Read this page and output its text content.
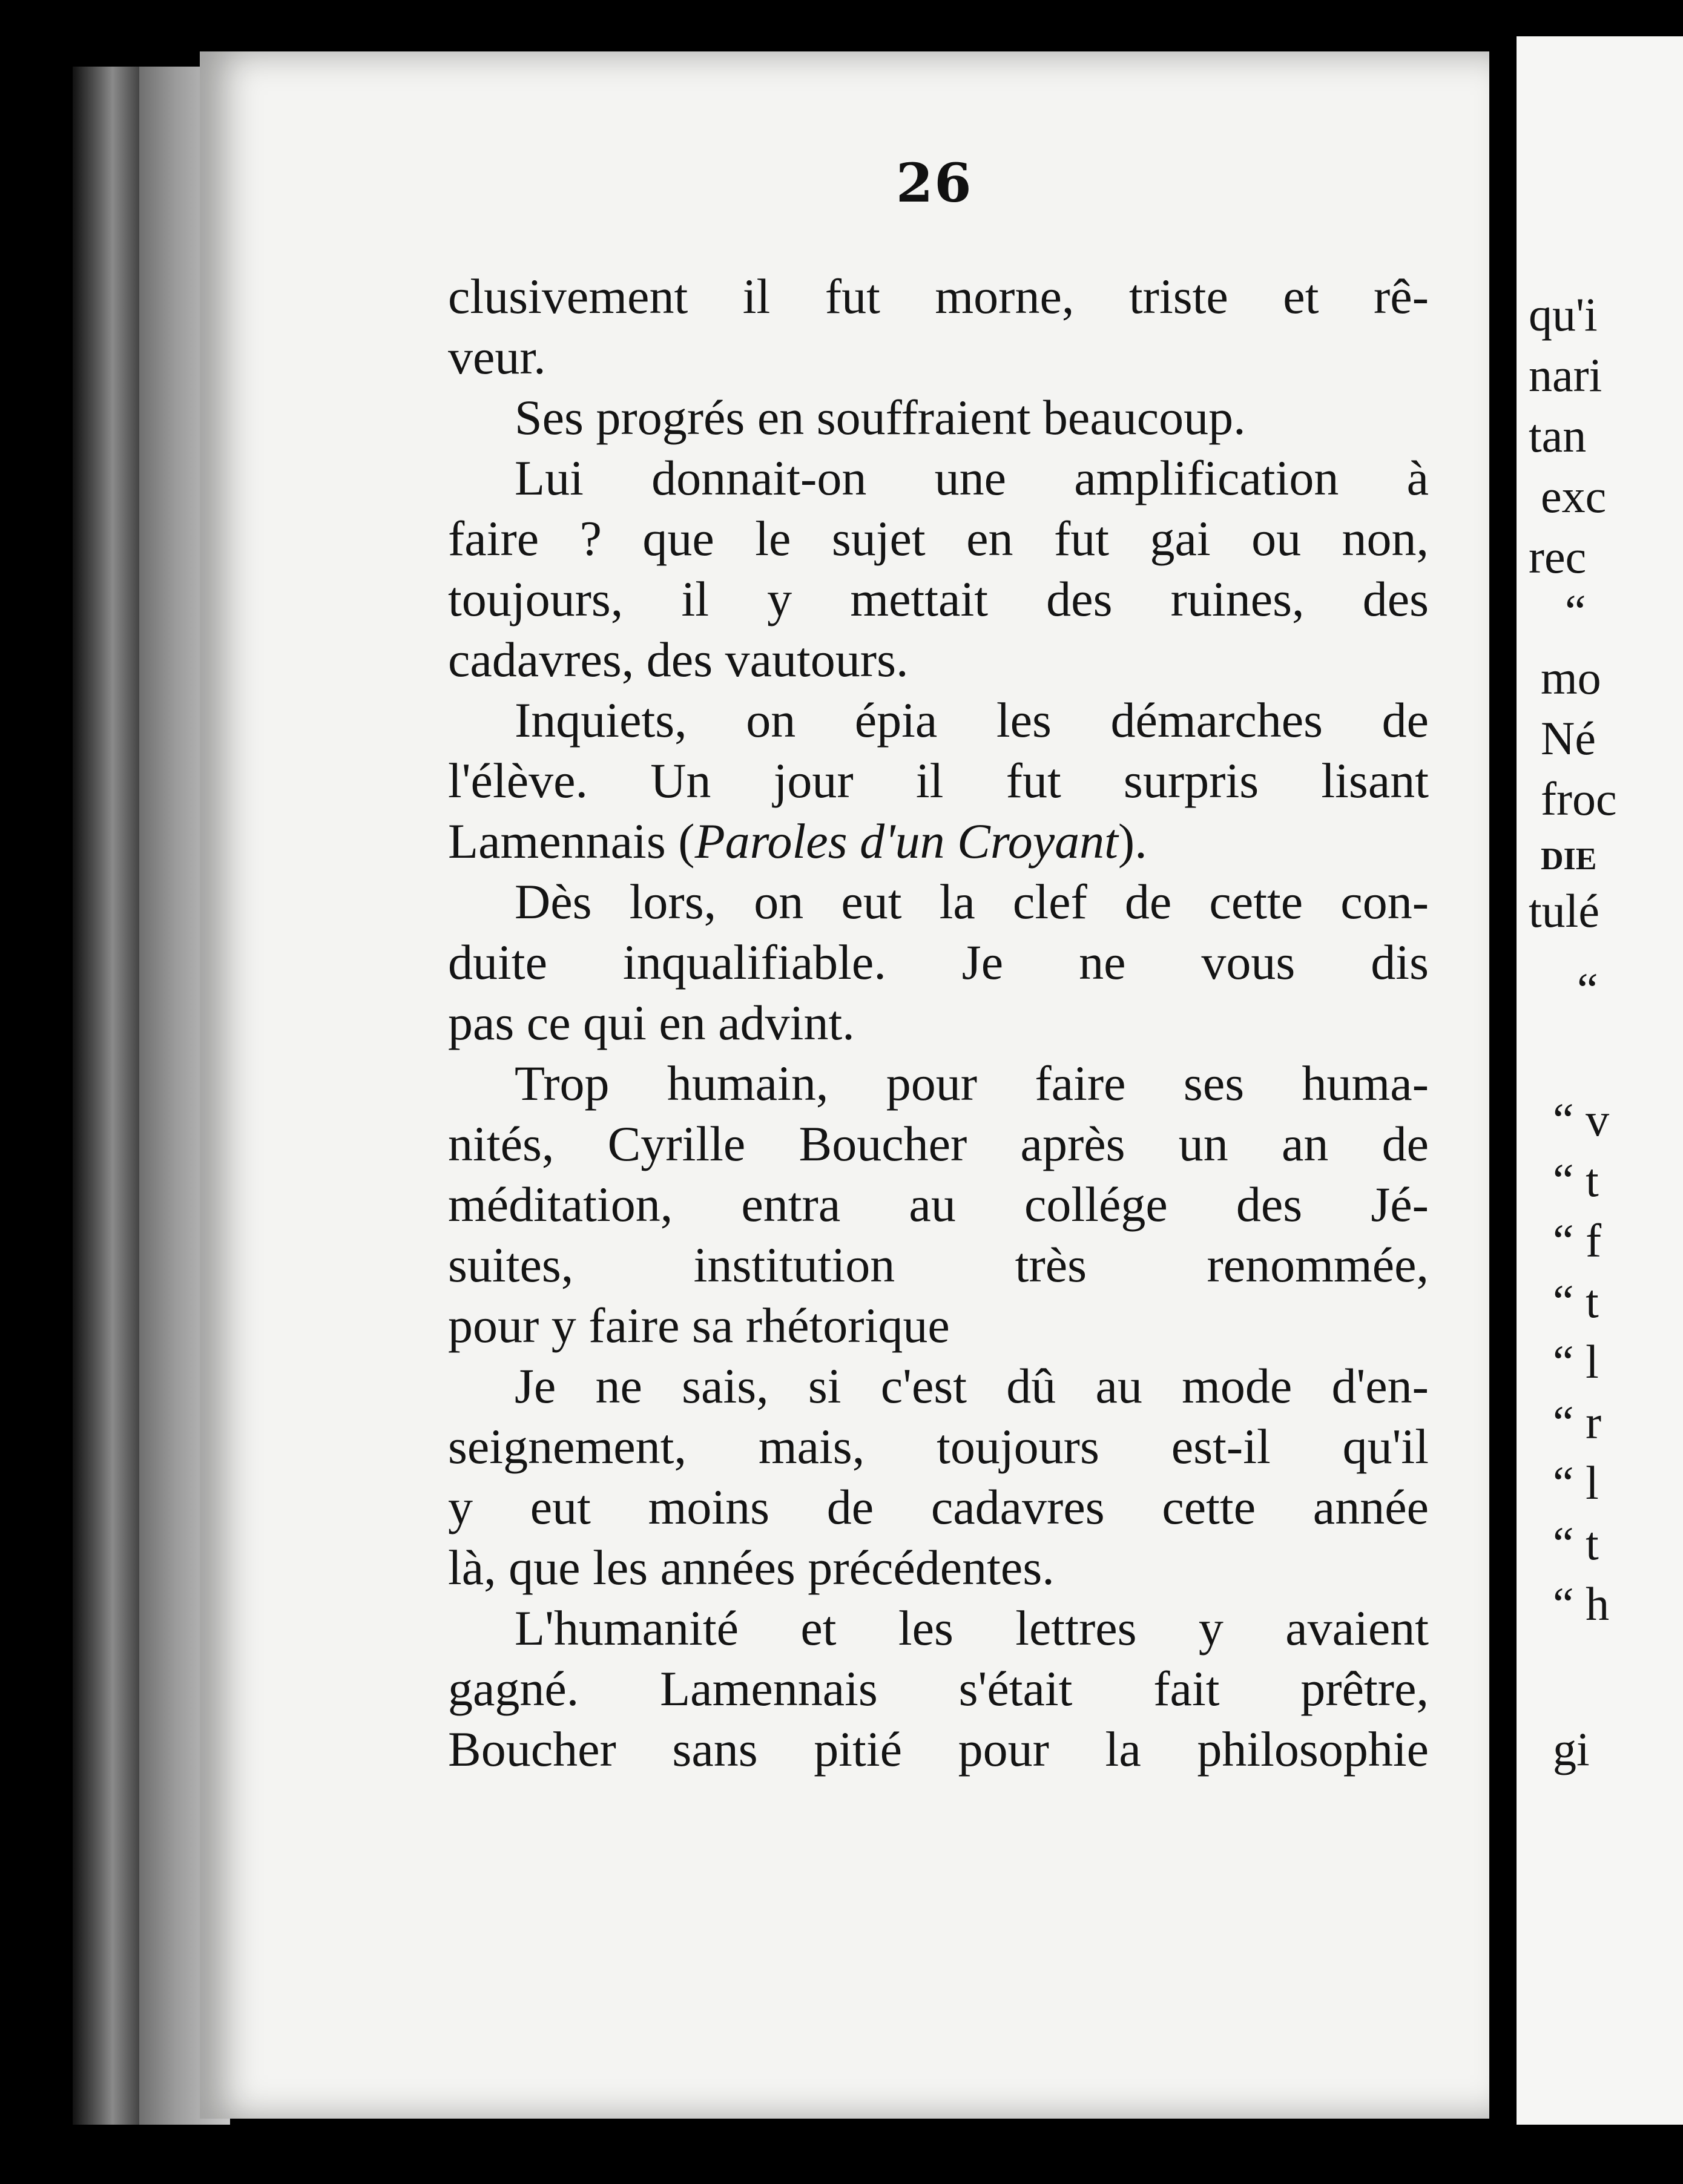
26
clusivement il fut morne, triste et rê-
veur.
Ses progrés en souffraient beaucoup.
Lui donnait-on une amplification à
faire ? que le sujet en fut gai ou non,
toujours, il y mettait des ruines, des
cadavres, des vautours.
Inquiets, on épia les démarches de
l'élève. Un jour il fut surpris lisant
Lamennais (Paroles d'un Croyant).
Dès lors, on eut la clef de cette con-
duite inqualifiable. Je ne vous dis
pas ce qui en advint.
Trop humain, pour faire ses huma-
nités, Cyrille Boucher après un an de
méditation, entra au collége des Jé-
suites, institution très renommée,
pour y faire sa rhétorique
Je ne sais, si c'est dû au mode d'en-
seignement, mais, toujours est-il qu'il
y eut moins de cadavres cette année
là, que les années précédentes.
L'humanité et les lettres y avaient
gagné. Lamennais s'était fait prêtre,
Boucher sans pitié pour la philosophie
qu'i
nari
tan
exc
rec
“
mo
Né
froc
DIE
tulé
“
“ v
“ t
“ f
“ t
“ l
“ r
“ l
“ t
“ h
gi
